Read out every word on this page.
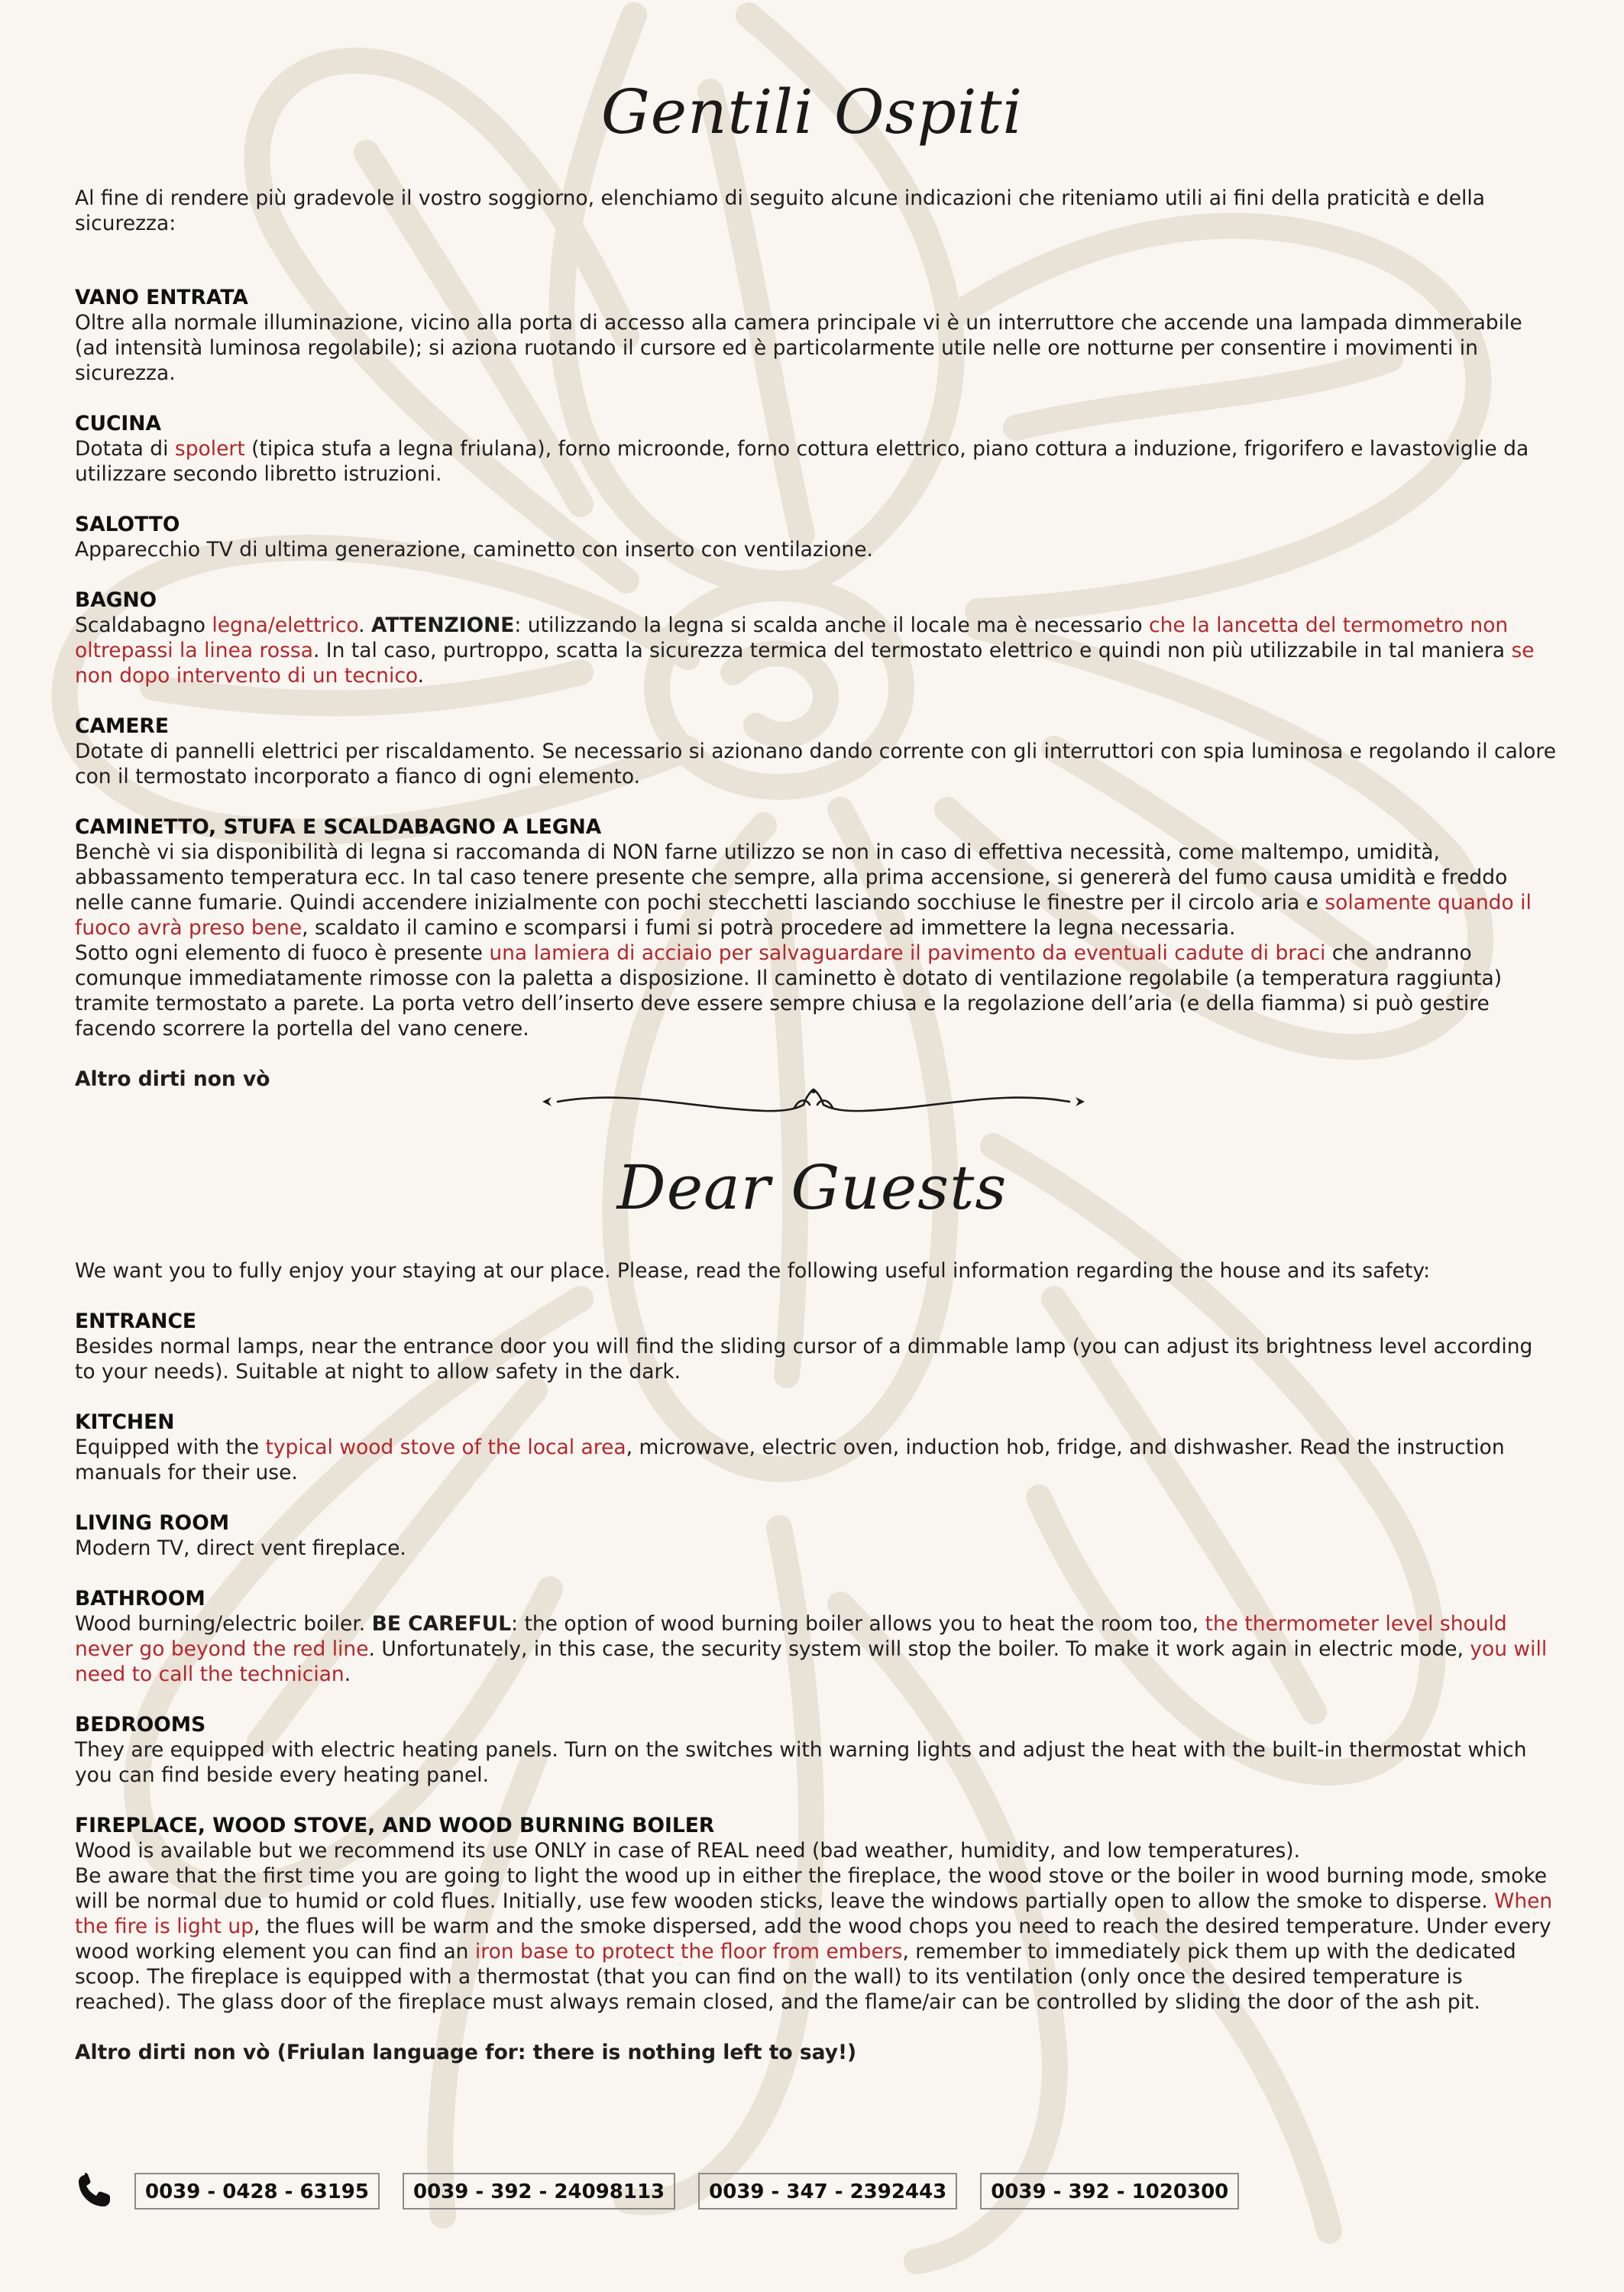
Gentili Ospiti

Al fine di rendere più gradevole il vostro soggiorno, elenchiamo di seguito alcune indicazioni che riteniamo utili ai fini della praticità e della sicurezza:

VANO ENTRATA

Oltre alla normale illuminazione, vicino alla porta di accesso alla camera principale vi è un interruttore che accende una lampada dimmerabile (ad intensità luminosa regolabile); si aziona ruotando il cursore ed è particolarmente utile nelle ore notturne per consentire i movimenti in sicurezza.

CUCINA

Dotata di spolert (tipica stufa a legna friulana), forno microonde, forno cottura elettrico, piano cottura a induzione, frigorifero e lavastoviglie da utilizzare secondo libretto istruzioni.

SALOTTO

Apparecchio TV di ultima generazione, caminetto con inserto con ventilazione.

BAGNO

Scaldabagno legna/elettrico. ATTENZIONE: utilizzando la legna si scalda anche il locale ma è necessario che la lancetta del termometro non oltrepassi la linea rossa. In tal caso, purtroppo, scatta la sicurezza termica del termostato elettrico e quindi non più utilizzabile in tal maniera se non dopo intervento di un tecnico.

CAMERE

Dotate di pannelli elettrici per riscaldamento. Se necessario si azionano dando corrente con gli interruttori con spia luminosa e regolando il calore con il termostato incorporato a fianco di ogni elemento.

CAMINETTO, STUFA E SCALDABAGNO A LEGNA

Benchè vi sia disponibilità di legna si raccomanda di NON farne utilizzo se non in caso di effettiva necessità, come maltempo, umidità, abbassamento temperatura ecc. In tal caso tenere presente che sempre, alla prima accensione, si genererà del fumo causa umidità e freddo nelle canne fumarie. Quindi accendere inizialmente con pochi stecchetti lasciando socchiuse le finestre per il circolo aria e solamente quando il fuoco avrà preso bene, scaldato il camino e scomparsi i fumi si potrà procedere ad immettere la legna necessaria.

Sotto ogni elemento di fuoco è presente una lamiera di acciaio per salvaguardare il pavimento da eventuali cadute di braci che andranno comunque immediatamente rimosse con la paletta a disposizione. Il caminetto è dotato di ventilazione regolabile (a temperatura raggiunta) tramite termostato a parete. La porta vetro dell’inserto deve essere sempre chiusa e la regolazione dell’aria (e della fiamma) si può gestire facendo scorrere la portella del vano cenere.

Altro dirti non vò

Dear Guests

We want you to fully enjoy your staying at our place. Please, read the following useful information regarding the house and its safety:

ENTRANCE

Besides normal lamps, near the entrance door you will find the sliding cursor of a dimmable lamp (you can adjust its brightness level according to your needs). Suitable at night to allow safety in the dark.

KITCHEN

Equipped with the typical wood stove of the local area, microwave, electric oven, induction hob, fridge, and dishwasher. Read the instruction manuals for their use.

LIVING ROOM

Modern TV, direct vent fireplace.

BATHROOM

Wood burning/electric boiler. BE CAREFUL: the option of wood burning boiler allows you to heat the room too, the thermometer level should never go beyond the red line. Unfortunately, in this case, the security system will stop the boiler. To make it work again in electric mode, you will need to call the technician.

BEDROOMS

They are equipped with electric heating panels. Turn on the switches with warning lights and adjust the heat with the built-in thermostat which you can find beside every heating panel.

FIREPLACE, WOOD STOVE, AND WOOD BURNING BOILER

Wood is available but we recommend its use ONLY in case of REAL need (bad weather, humidity, and low temperatures).

Be aware that the first time you are going to light the wood up in either the fireplace, the wood stove or the boiler in wood burning mode, smoke will be normal due to humid or cold flues. Initially, use few wooden sticks, leave the windows partially open to allow the smoke to disperse. When the fire is light up, the flues will be warm and the smoke dispersed, add the wood chops you need to reach the desired temperature. Under every wood working element you can find an iron base to protect the floor from embers, remember to immediately pick them up with the dedicated scoop. The fireplace is equipped with a thermostat (that you can find on the wall) to its ventilation (only once the desired temperature is reached). The glass door of the fireplace must always remain closed, and the flame/air can be controlled by sliding the door of the ash pit.

Altro dirti non vò (Friulan language for: there is nothing left to say!)

0039 - 0428 - 63195	0039 - 392 - 24098113	0039 - 347 - 2392443	0039 - 392 - 1020300
